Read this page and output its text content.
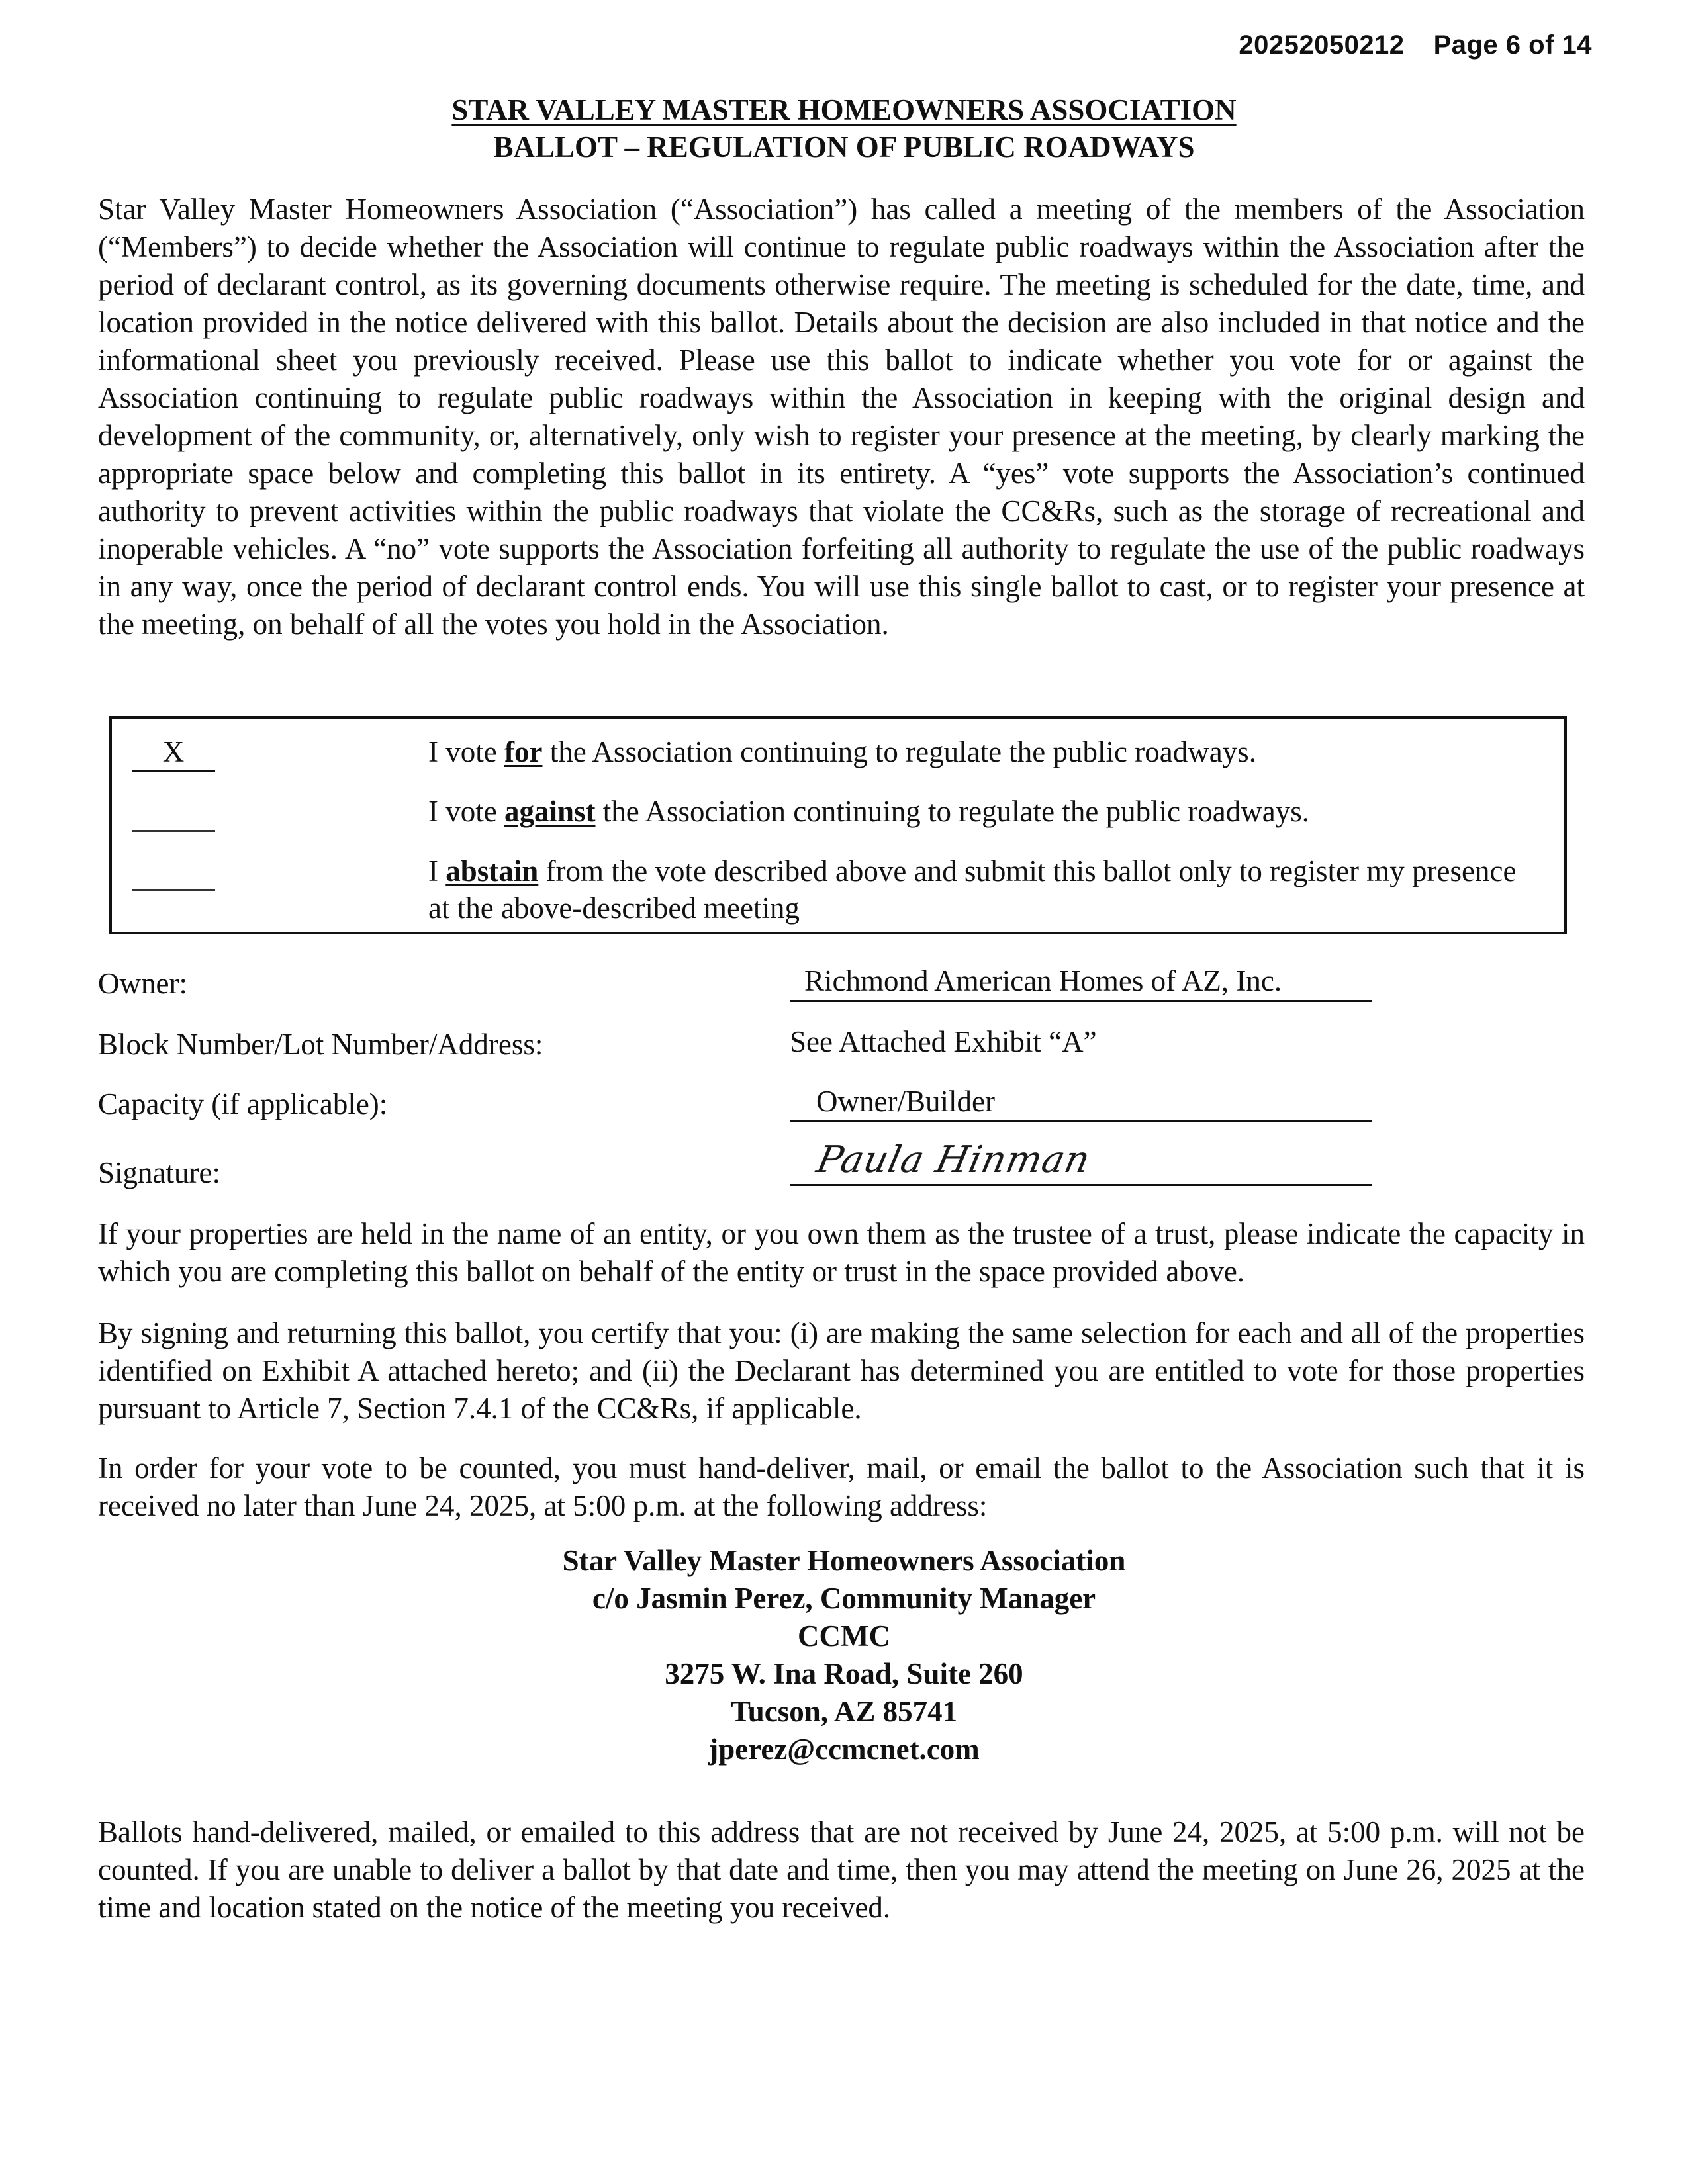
20252050212 Page 6 of 14
STAR VALLEY MASTER HOMEOWNERS ASSOCIATION
BALLOT – REGULATION OF PUBLIC ROADWAYS
Star Valley Master Homeowners Association (“Association”) has called a meeting of the members of the Association (“Members”) to decide whether the Association will continue to regulate public roadways within the Association after the period of declarant control, as its governing documents otherwise require. The meeting is scheduled for the date, time, and location provided in the notice delivered with this ballot. Details about the decision are also included in that notice and the informational sheet you previously received. Please use this ballot to indicate whether you vote for or against the Association continuing to regulate public roadways within the Association in keeping with the original design and development of the community, or, alternatively, only wish to register your presence at the meeting, by clearly marking the appropriate space below and completing this ballot in its entirety. A “yes” vote supports the Association’s continued authority to prevent activities within the public roadways that violate the CC&Rs, such as the storage of recreational and inoperable vehicles. A “no” vote supports the Association forfeiting all authority to regulate the use of the public roadways in any way, once the period of declarant control ends. You will use this single ballot to cast, or to register your presence at the meeting, on behalf of all the votes you hold in the Association.
X	I vote for the Association continuing to regulate the public roadways.
I vote against the Association continuing to regulate the public roadways.
I abstain from the vote described above and submit this ballot only to register my presence at the above-described meeting
Owner:	Richmond American Homes of AZ, Inc.
Block Number/Lot Number/Address:	See Attached Exhibit “A”
Capacity (if applicable):	Owner/Builder
Signature:	Paula Hinman
If your properties are held in the name of an entity, or you own them as the trustee of a trust, please indicate the capacity in which you are completing this ballot on behalf of the entity or trust in the space provided above.
By signing and returning this ballot, you certify that you: (i) are making the same selection for each and all of the properties identified on Exhibit A attached hereto; and (ii) the Declarant has determined you are entitled to vote for those properties pursuant to Article 7, Section 7.4.1 of the CC&Rs, if applicable.
In order for your vote to be counted, you must hand-deliver, mail, or email the ballot to the Association such that it is received no later than June 24, 2025, at 5:00 p.m. at the following address:
Star Valley Master Homeowners Association
c/o Jasmin Perez, Community Manager
CCMC
3275 W. Ina Road, Suite 260
Tucson, AZ 85741
jperez@ccmcnet.com
Ballots hand-delivered, mailed, or emailed to this address that are not received by June 24, 2025, at 5:00 p.m. will not be counted. If you are unable to deliver a ballot by that date and time, then you may attend the meeting on June 26, 2025 at the time and location stated on the notice of the meeting you received.
